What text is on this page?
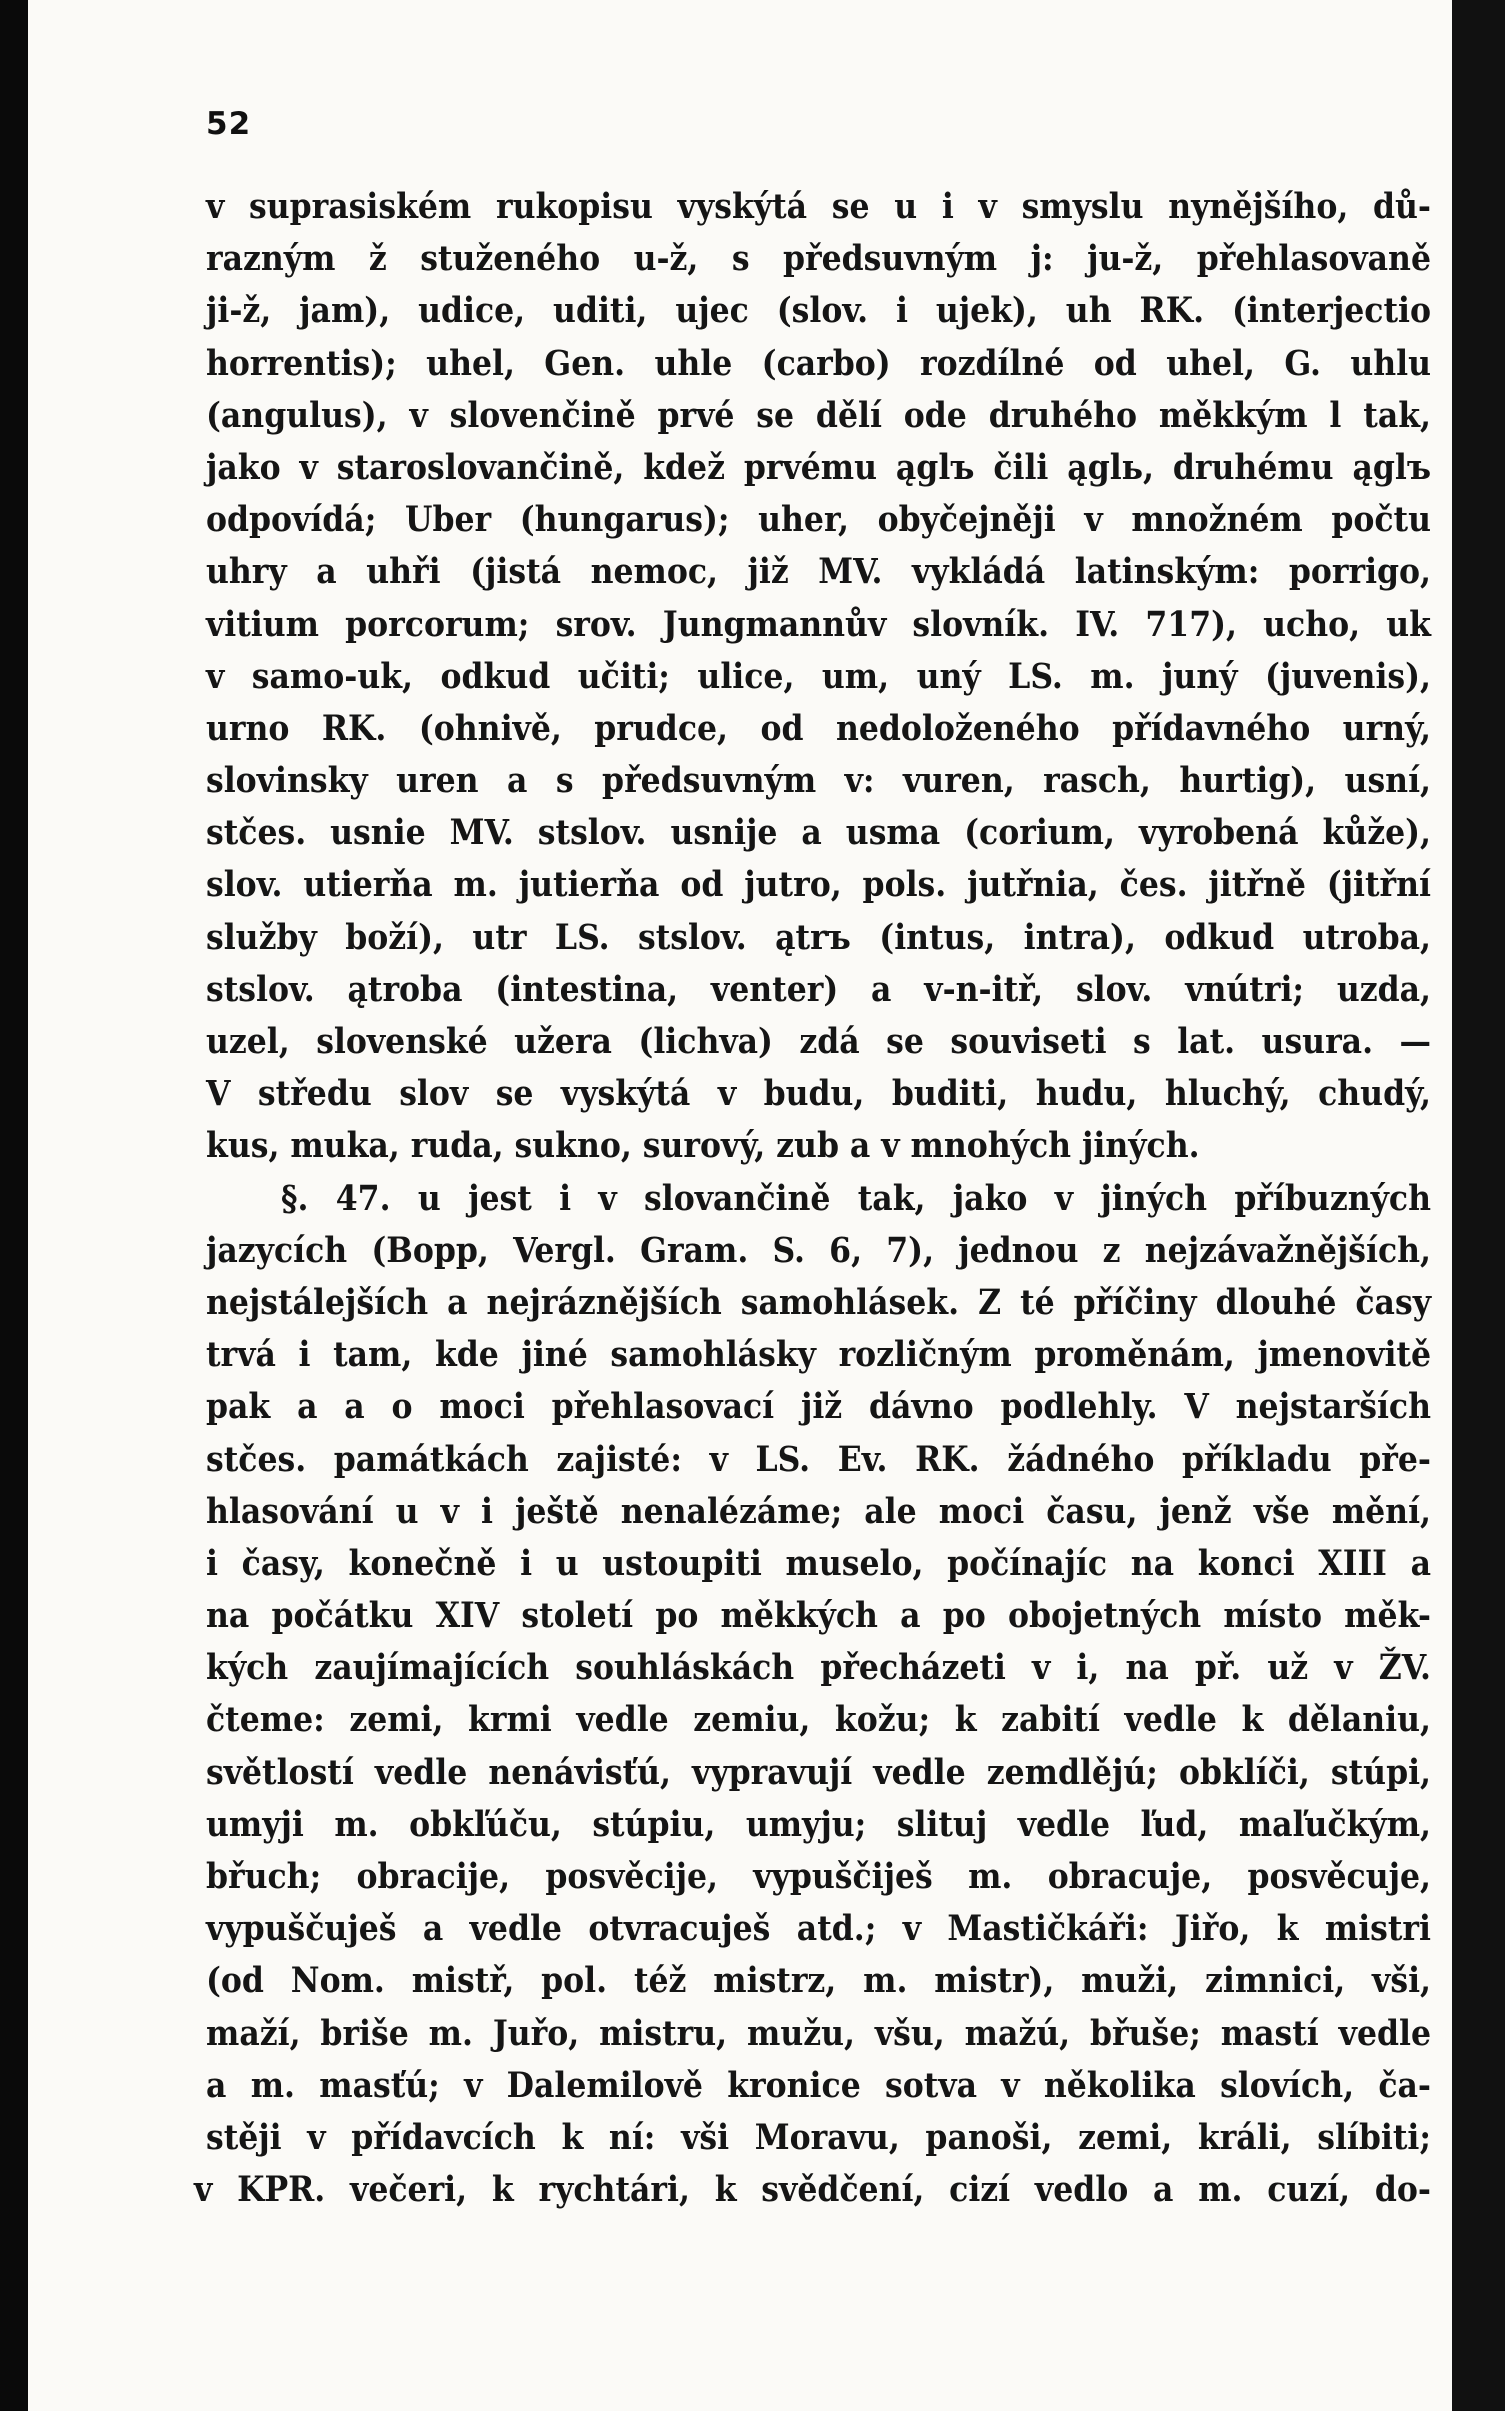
52
v suprasiském rukopisu vyskýtá se u i v smyslu nynějšího, dů-
razným ž stuženého u-ž, s předsuvným j: ju-ž, přehlasovaně
ji-ž, jam), udice, uditi, ujec (slov. i ujek), uh RK. (interjectio
horrentis); uhel, Gen. uhle (carbo) rozdílné od uhel, G. uhlu
(angulus), v slovenčině prvé se dělí ode druhého měkkým l tak,
jako v staroslovančině, kdež prvému ąglъ čili ąglь, druhému ąglъ
odpovídá; Uber (hungarus); uher, obyčejněji v množném počtu
uhry a uhři (jistá nemoc, již MV. vykládá latinským: porrigo,
vitium porcorum; srov. Jungmannův slovník. IV. 717), ucho, uk
v samo-uk, odkud učiti; ulice, um, uný LS. m. juný (juvenis),
urno RK. (ohnivě, prudce, od nedoloženého přídavného urný,
slovinsky uren a s předsuvným v: vuren, rasch, hurtig), usní,
stčes. usnie MV. stslov. usnije a usma (corium, vyrobená kůže),
slov. utierňa m. jutierňa od jutro, pols. jutřnia, čes. jitřně (jitřní
služby boží), utr LS. stslov. ątrъ (intus, intra), odkud utroba,
stslov. ątroba (intestina, venter) a v-n-itř, slov. vnútri; uzda,
uzel, slovenské užera (lichva) zdá se souviseti s lat. usura. —
V středu slov se vyskýtá v budu, buditi, hudu, hluchý, chudý,
kus, muka, ruda, sukno, surový, zub a v mnohých jiných.
§. 47. u jest i v slovančině tak, jako v jiných příbuzných
jazycích (Bopp, Vergl. Gram. S. 6, 7), jednou z nejzávažnějších,
nejstálejších a nejráznějších samohlásek. Z té příčiny dlouhé časy
trvá i tam, kde jiné samohlásky rozličným proměnám, jmenovitě
pak a a o moci přehlasovací již dávno podlehly. V nejstarších
stčes. památkách zajisté: v LS. Ev. RK. žádného příkladu pře-
hlasování u v i ještě nenalézáme; ale moci času, jenž vše mění,
i časy, konečně i u ustoupiti muselo, počínajíc na konci XIII a
na počátku XIV století po měkkých a po obojetných místo měk-
kých zaujímajících souhláskách přecházeti v i, na př. už v ŽV.
čteme: zemi, krmi vedle zemiu, kožu; k zabití vedle k dělaniu,
světlostí vedle nenávisťú, vypravují vedle zemdlějú; obklíči, stúpi,
umyji m. obkľúču, stúpiu, umyju; slituj vedle ľud, maľučkým,
břuch; obracije, posvěcije, vypuščiješ m. obracuje, posvěcuje,
vypuščuješ a vedle otvracuješ atd.; v Mastičkáři: Jiřo, k mistri
(od Nom. mistř, pol. též mistrz, m. mistr), muži, zimnici, vši,
maží, briše m. Juřo, mistru, mužu, všu, mažú, břuše; mastí vedle
a m. masťú; v Dalemilově kronice sotva v několika slovích, ča-
stěji v přídavcích k ní: vši Moravu, panoši, zemi, králi, slíbiti;
v KPR. večeri, k rychtári, k svědčení, cizí vedlo a m. cuzí, do-
